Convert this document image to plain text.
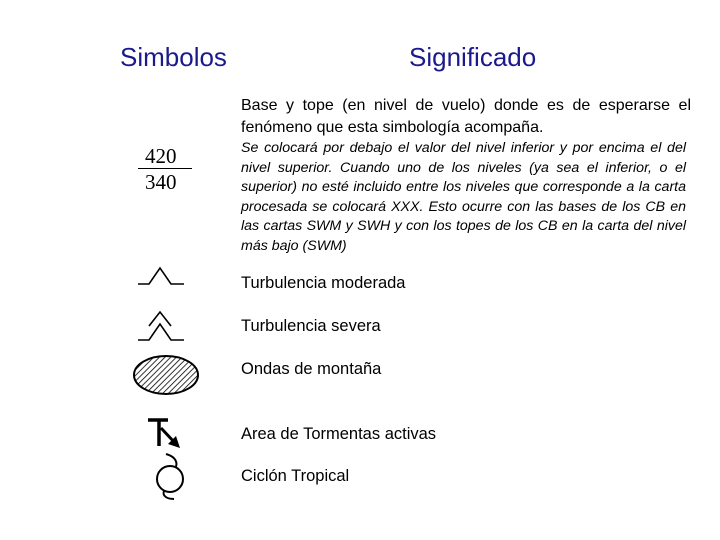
Simbolos	Significado
420
340
Base y tope (en nivel de vuelo) donde es de esperarse el fenómeno que esta simbología acompaña.
Se colocará por debajo el valor del nivel inferior y por encima el del nivel superior. Cuando uno de los niveles (ya sea el inferior, o el superior) no esté incluido entre los niveles que corresponde a la carta procesada se colocará XXX. Esto ocurre con las bases de los CB en las cartas SWM y SWH y con los topes de los CB en la carta del nivel más bajo (SWM)
Turbulencia moderada
Turbulencia severa
Ondas de montaña
Area de Tormentas activas
Ciclón Tropical
